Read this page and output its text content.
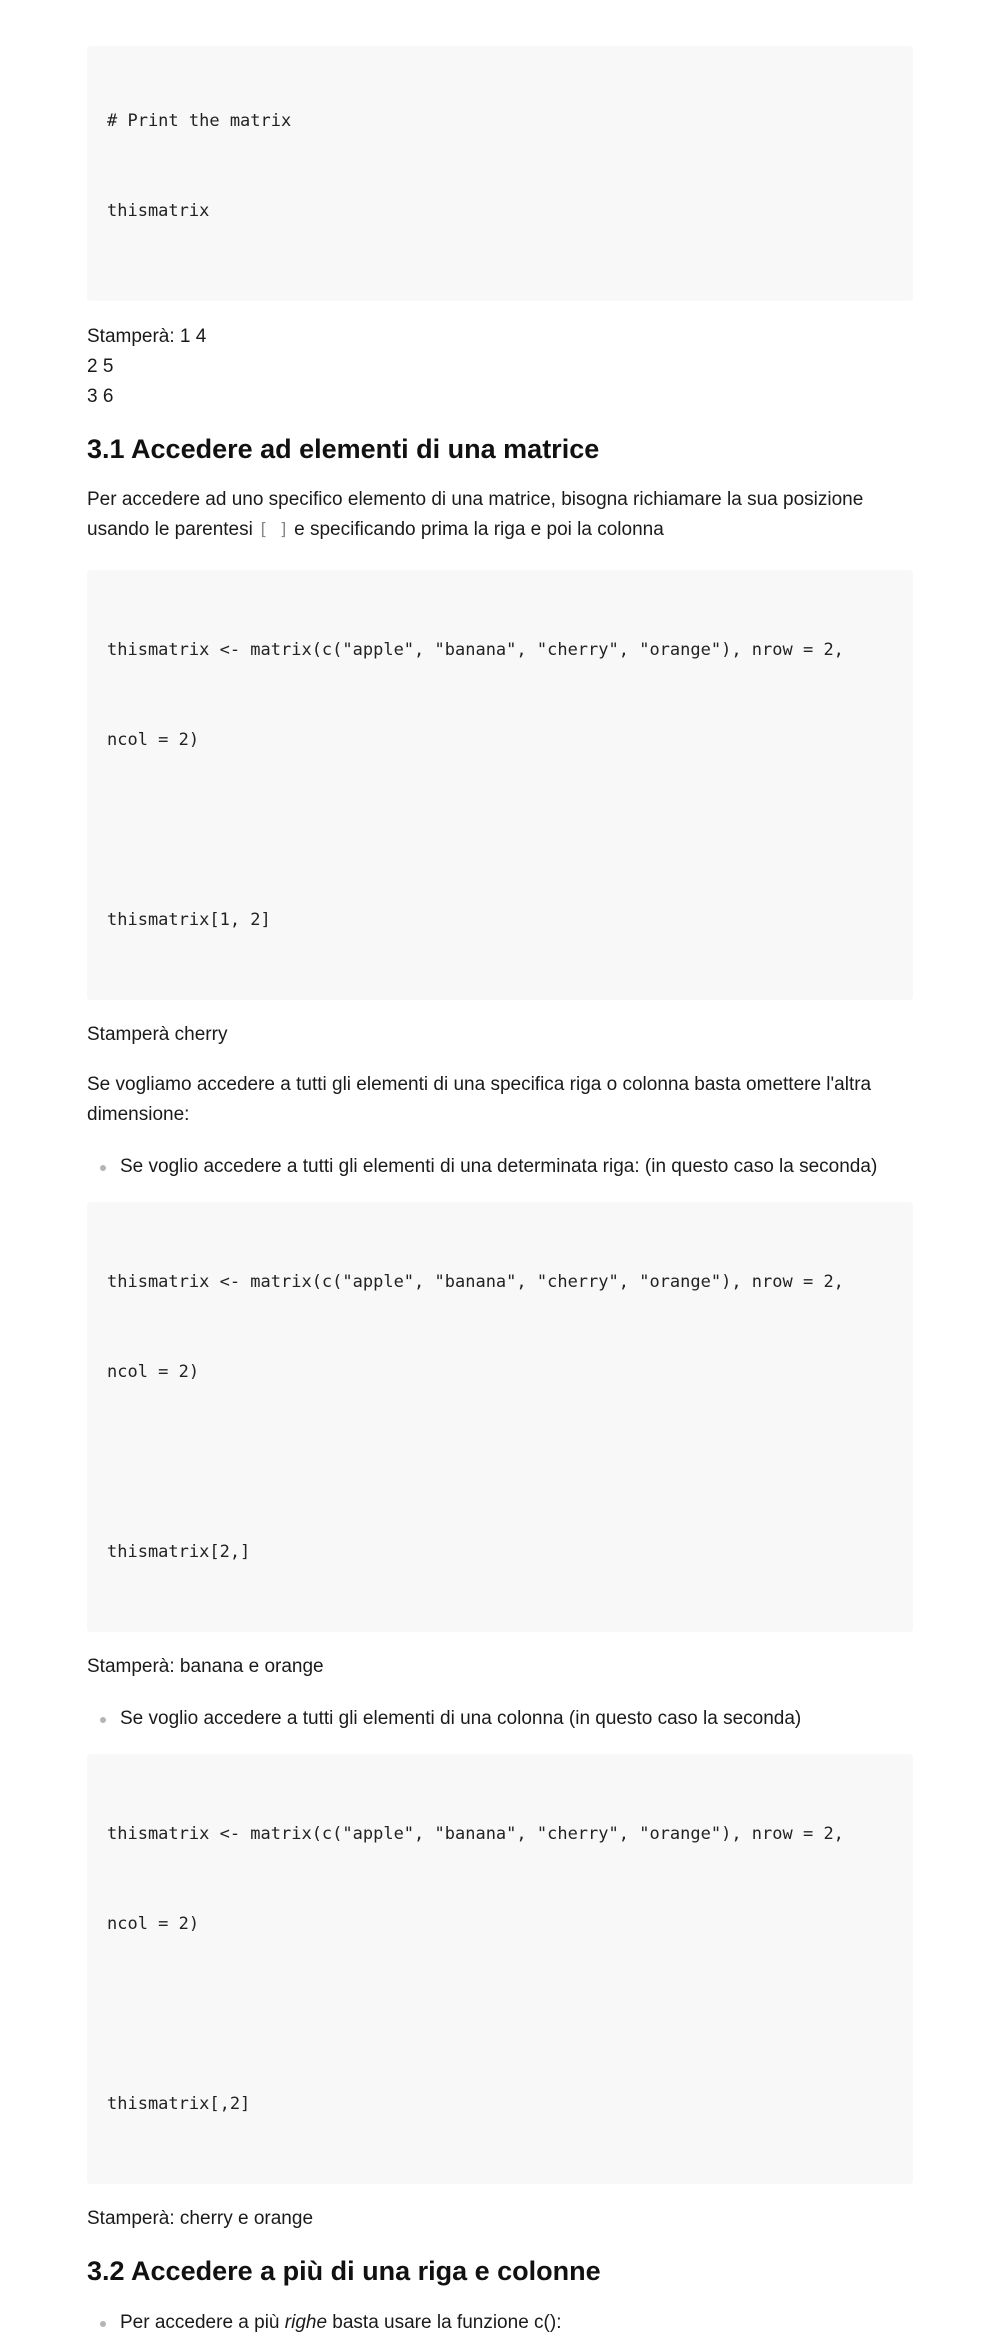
# Print the matrix

thismatrix

Stamperà: 1 4

2 5

3 6

3.1 Accedere ad elementi di una matrice

Per accedere ad uno specifico elemento di una matrice, bisogna richiamare la sua posizione usando le parentesi [ ] e specificando prima la riga e poi la colonna

thismatrix <- matrix(c("apple", "banana", "cherry", "orange"), nrow = 2,

ncol = 2)

thismatrix[1, 2]

Stamperà cherry

Se vogliamo accedere a tutti gli elementi di una specifica riga o colonna basta omettere l'altra dimensione:

Se voglio accedere a tutti gli elementi di una determinata riga: (in questo caso la seconda)

thismatrix <- matrix(c("apple", "banana", "cherry", "orange"), nrow = 2,

ncol = 2)

thismatrix[2,]

Stamperà: banana e orange

Se voglio accedere a tutti gli elementi di una colonna (in questo caso la seconda)

thismatrix <- matrix(c("apple", "banana", "cherry", "orange"), nrow = 2,

ncol = 2)

thismatrix[,2]

Stamperà: cherry e orange

3.2 Accedere a più di una riga e colonne
Per accedere a più righe basta usare la funzione c():
